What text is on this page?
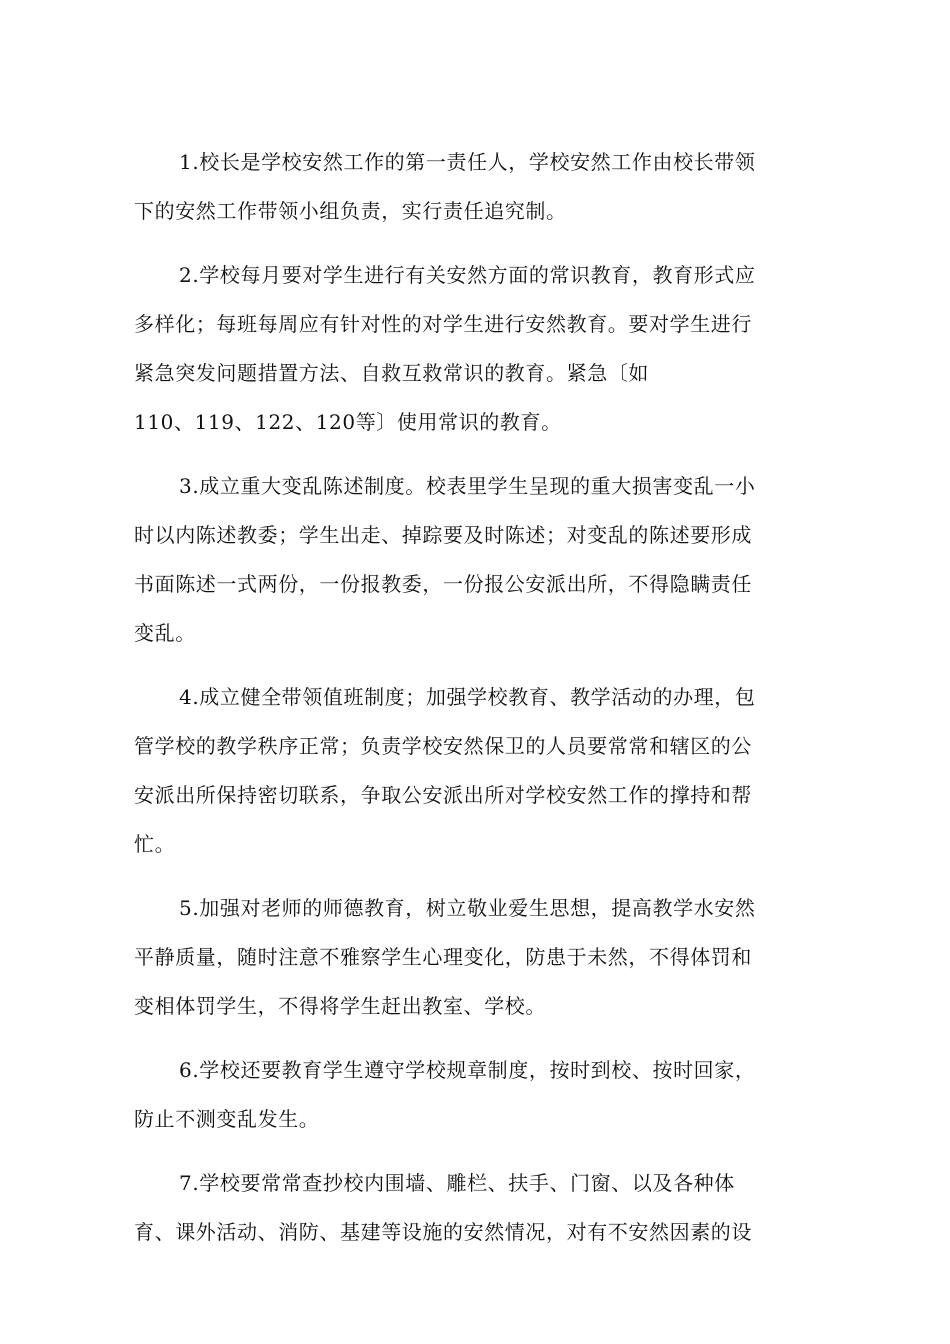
1.校长是学校安然工作的第一责任人，学校安然工作由校长带领
下的安然工作带领小组负责，实行责任追究制。
2.学校每月要对学生进行有关安然方面的常识教育，教育形式应
多样化；每班每周应有针对性的对学生进行安然教育。要对学生进行
紧急突发问题措置方法、自救互救常识的教育。紧急〔如
110、119、122、120等〕使用常识的教育。
3.成立重大变乱陈述制度。校表里学生呈现的重大损害变乱一小
时以内陈述教委；学生出走、掉踪要及时陈述；对变乱的陈述要形成
书面陈述一式两份，一份报教委，一份报公安派出所，不得隐瞒责任
变乱。
4.成立健全带领值班制度；加强学校教育、教学活动的办理，包
管学校的教学秩序正常；负责学校安然保卫的人员要常常和辖区的公
安派出所保持密切联系，争取公安派出所对学校安然工作的撑持和帮
忙。
5.加强对老师的师德教育，树立敬业爱生思想，提高教学水安然
平静质量，随时注意不雅察学生心理变化，防患于未然，不得体罚和
变相体罚学生，不得将学生赶出教室、学校。
6.学校还要教育学生遵守学校规章制度，按时到校、按时回家，
防止不测变乱发生。
7.学校要常常查抄校内围墙、雕栏、扶手、门窗、以及各种体
育、课外活动、消防、基建等设施的安然情况，对有不安然因素的设
